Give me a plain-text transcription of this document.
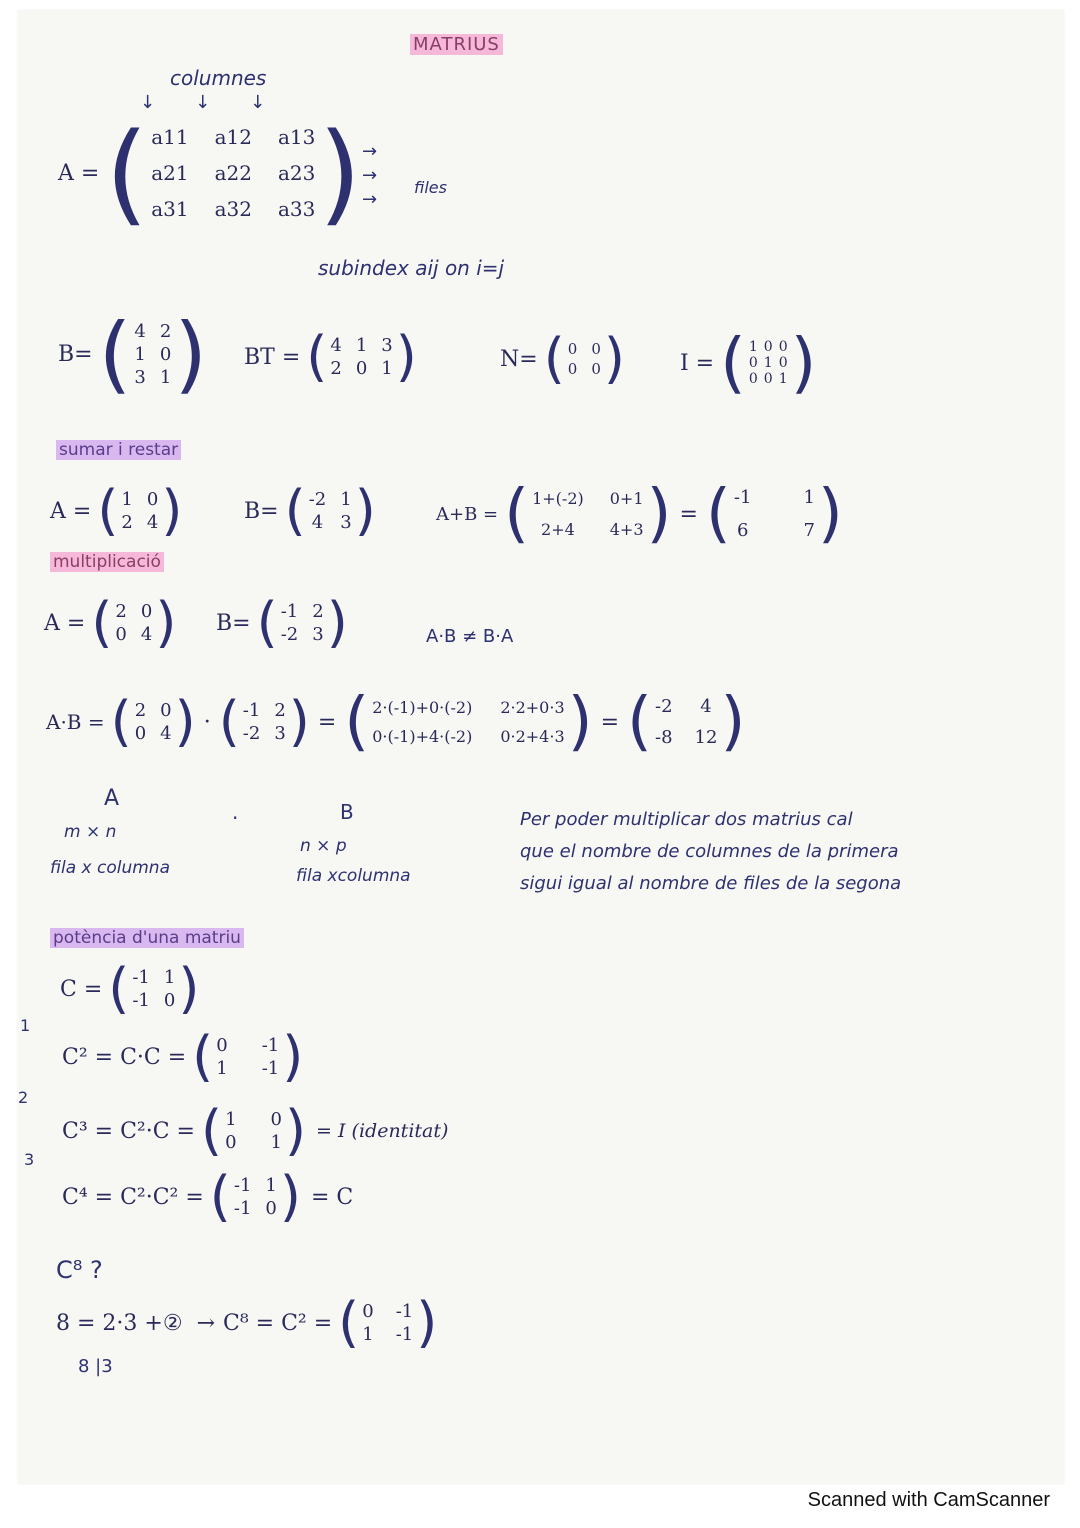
MATRIUS
columnes
↓↓↓
A = ( a11 a12 a13
a21 a22 a23
a31 a32 a33 ) →
→
→
files
subindex aij on i=j
B= ( 4 2
1 0
3 1 ) BT = ( 4 1 3
2 0 1 )	N= ( 0 0
0 0 )	I = ( 1 0 0
0 1 0
0 0 1 )
sumar i restar
A = ( 1 0
2 4 )	B= ( -2 1
4 3 )	A+B = ( 1+(-2) 0+1
2+4	4+3 ) = ( -1	1
6	7 )
multiplicació
A = ( 2 0
0 4 ) B= ( -1 2
-2 3 )	A·B ≠ B·A
A·B = ( 2 0
0 4 ) · ( -1 2
-2 3 ) = ( 2·(-1)+0·(-2) 2·2+0·3
0·(-1)+4·(-2) 0·2+4·3 ) = ( -2	4
-8 12 )
A
m × n
fila x columna
·	B
n × p
fila xcolumna
Per poder multiplicar dos matrius cal
que el nombre de columnes de la primera
sigui igual al nombre de files de la segona
potència d'una matriu
C = ( -1 1
-1 0 )
1
2
3
C² = C·C = ( 0 -1
1 -1 )
C³ = C²·C = ( 1 0
0 1 ) = I (identitat)
C⁴ = C²·C² = ( -1 1
-1 0 ) = C
C⁸ ?
8 = 2·3 +② → C⁸ = C² = ( 0 -1
1 -1 )
8 |3
Scanned with CamScanner
